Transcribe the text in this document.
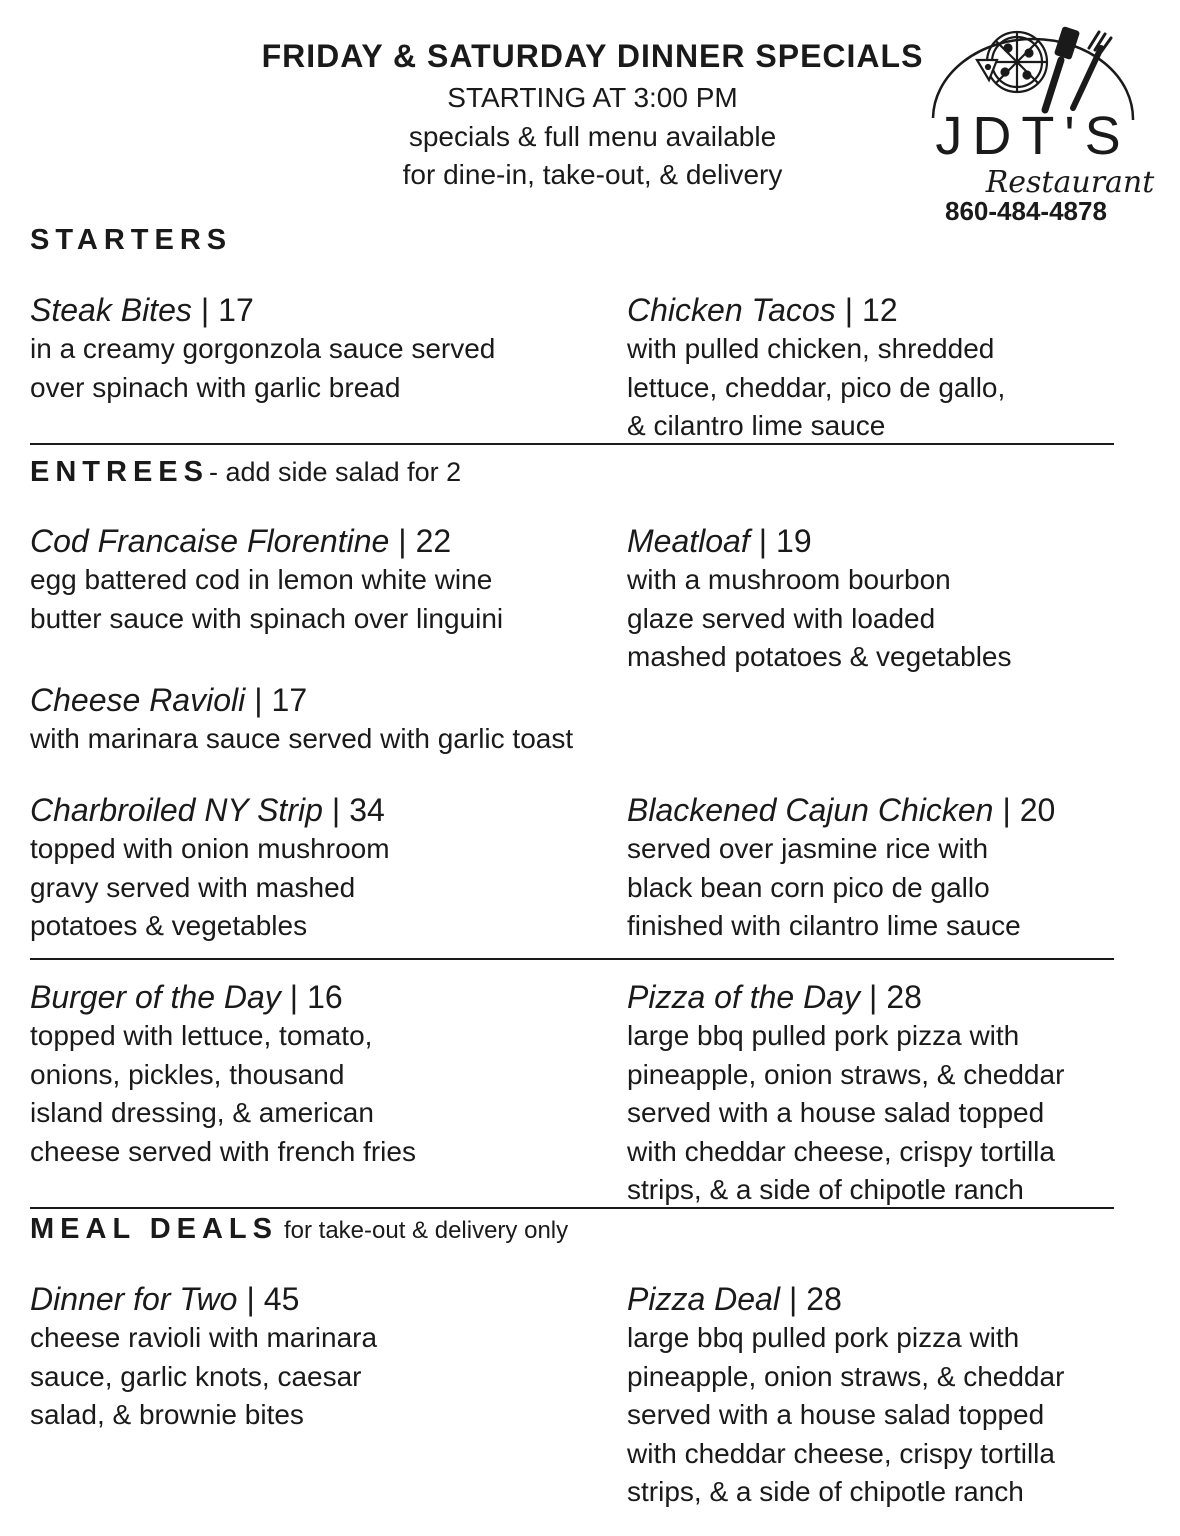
FRIDAY & SATURDAY DINNER SPECIALS
STARTING AT 3:00 PM
specials & full menu available
for dine-in, take-out, & delivery
JDT'S
Restaurant
860-484-4878
STARTERS
Steak Bites | 17
in a creamy gorgonzola sauce served
over spinach with garlic bread
Chicken Tacos | 12
with pulled chicken, shredded
lettuce, cheddar, pico de gallo,
& cilantro lime sauce
ENTREES- add side salad for 2
Cod Francaise Florentine | 22
egg battered cod in lemon white wine
butter sauce with spinach over linguini
Meatloaf | 19
with a mushroom bourbon
glaze served with loaded
mashed potatoes & vegetables
Cheese Ravioli | 17
with marinara sauce served with garlic toast
Charbroiled NY Strip | 34
topped with onion mushroom
gravy served with mashed
potatoes & vegetables
Blackened Cajun Chicken | 20
served over jasmine rice with
black bean corn pico de gallo
finished with cilantro lime sauce
Burger of the Day | 16
topped with lettuce, tomato,
onions, pickles, thousand
island dressing, & american
cheese served with french fries
Pizza of the Day | 28
large bbq pulled pork pizza with
pineapple, onion straws, & cheddar
served with a house salad topped
with cheddar cheese, crispy tortilla
strips, & a side of chipotle ranch
MEAL DEALS for take-out & delivery only
Dinner for Two | 45
cheese ravioli with marinara
sauce, garlic knots, caesar
salad, & brownie bites
Pizza Deal | 28
large bbq pulled pork pizza with
pineapple, onion straws, & cheddar
served with a house salad topped
with cheddar cheese, crispy tortilla
strips, & a side of chipotle ranch
